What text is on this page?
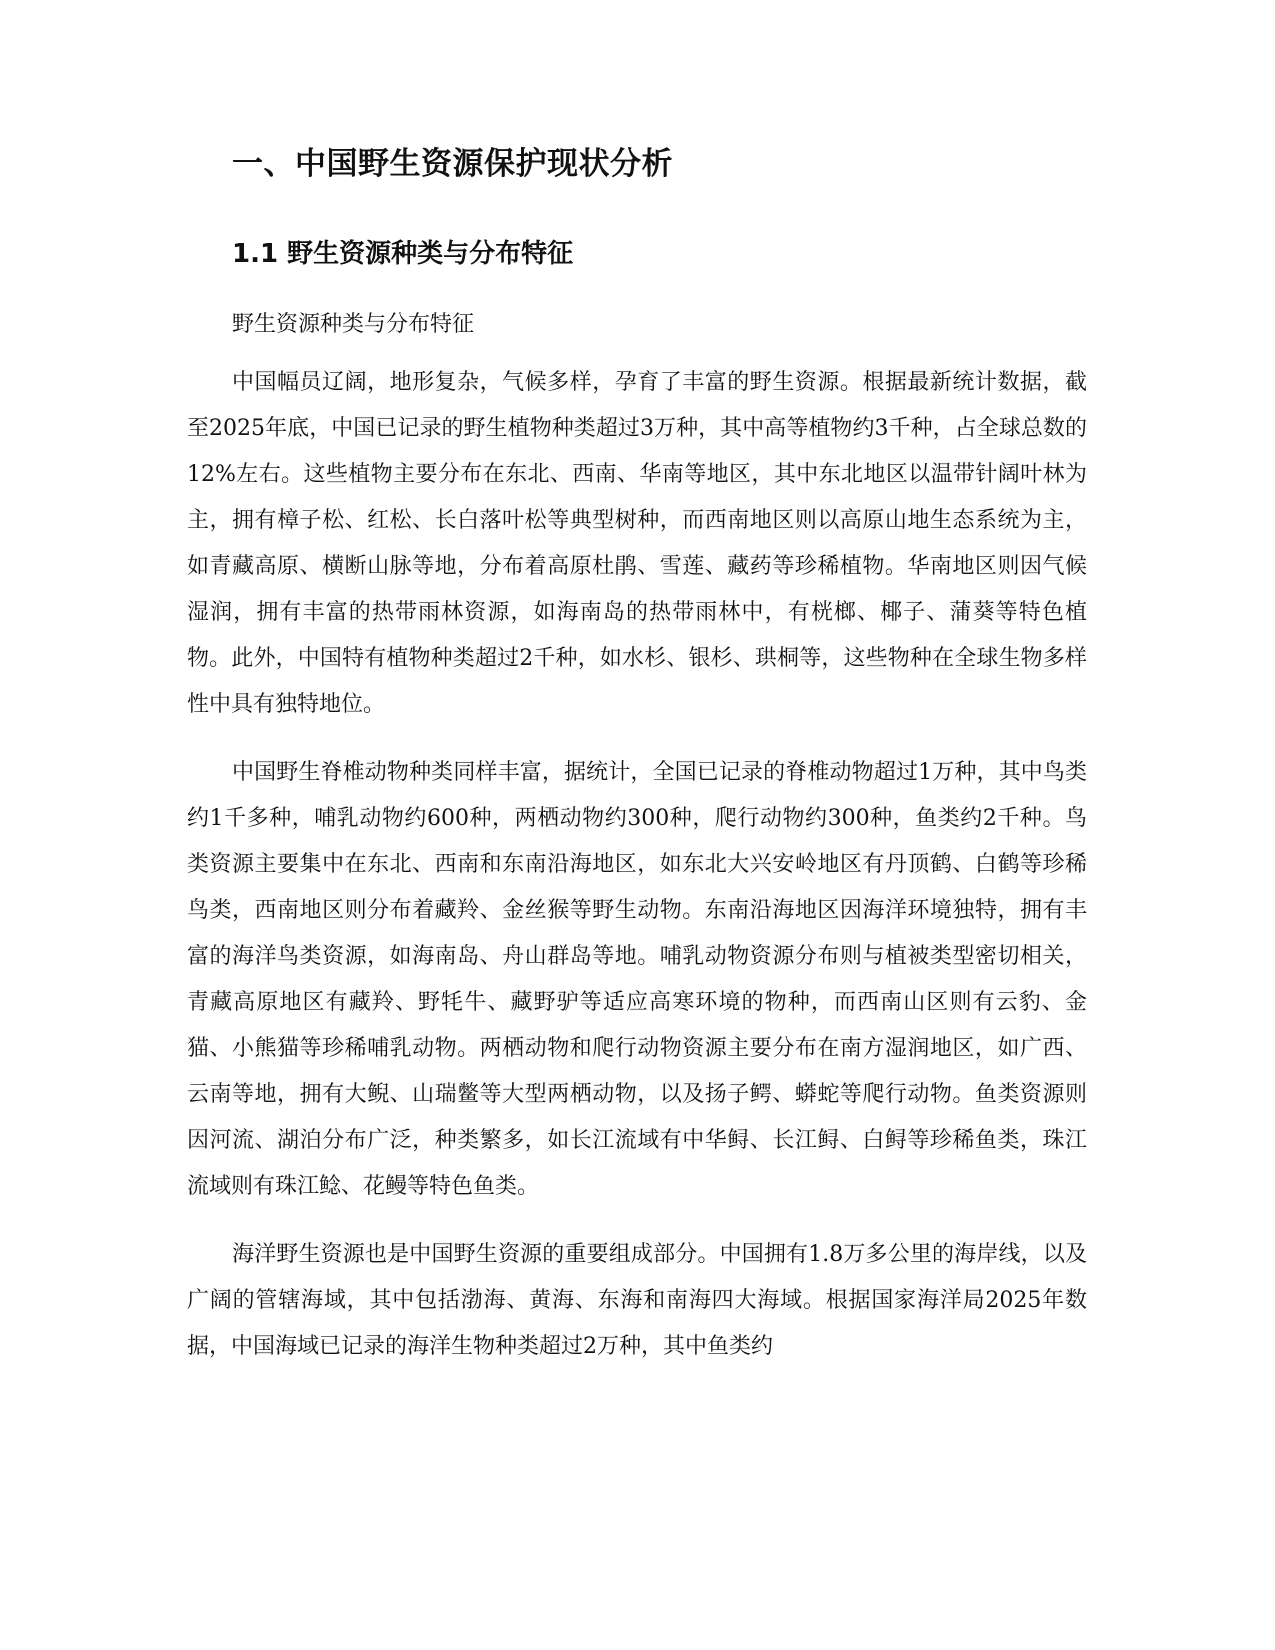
一、中国野生资源保护现状分析
1.1 野生资源种类与分布特征

野生资源种类与分布特征

中国幅员辽阔，地形复杂，气候多样，孕育了丰富的野生资源。根据最新统计数据，截至2025年底，中国已记录的野生植物种类超过3万种，其中高等植物约3千种，占全球总数的12%左右。这些植物主要分布在东北、西南、华南等地区，其中东北地区以温带针阔叶林为主，拥有樟子松、红松、长白落叶松等典型树种，而西南地区则以高原山地生态系统为主，如青藏高原、横断山脉等地，分布着高原杜鹃、雪莲、藏药等珍稀植物。华南地区则因气候湿润，拥有丰富的热带雨林资源，如海南岛的热带雨林中，有桄榔、椰子、蒲葵等特色植物。此外，中国特有植物种类超过2千种，如水杉、银杉、珙桐等，这些物种在全球生物多样性中具有独特地位。

中国野生脊椎动物种类同样丰富，据统计，全国已记录的脊椎动物超过1万种，其中鸟类约1千多种，哺乳动物约600种，两栖动物约300种，爬行动物约300种，鱼类约2千种。鸟类资源主要集中在东北、西南和东南沿海地区，如东北大兴安岭地区有丹顶鹤、白鹤等珍稀鸟类，西南地区则分布着藏羚、金丝猴等野生动物。东南沿海地区因海洋环境独特，拥有丰富的海洋鸟类资源，如海南岛、舟山群岛等地。哺乳动物资源分布则与植被类型密切相关，青藏高原地区有藏羚、野牦牛、藏野驴等适应高寒环境的物种，而西南山区则有云豹、金猫、小熊猫等珍稀哺乳动物。两栖动物和爬行动物资源主要分布在南方湿润地区，如广西、云南等地，拥有大鲵、山瑞鳖等大型两栖动物，以及扬子鳄、蟒蛇等爬行动物。鱼类资源则因河流、湖泊分布广泛，种类繁多，如长江流域有中华鲟、长江鲟、白鲟等珍稀鱼类，珠江流域则有珠江鲶、花鳗等特色鱼类。

海洋野生资源也是中国野生资源的重要组成部分。中国拥有1.8万多公里的海岸线，以及广阔的管辖海域，其中包括渤海、黄海、东海和南海四大海域。根据国家海洋局2025年数据，中国海域已记录的海洋生物种类超过2万种，其中鱼类约
